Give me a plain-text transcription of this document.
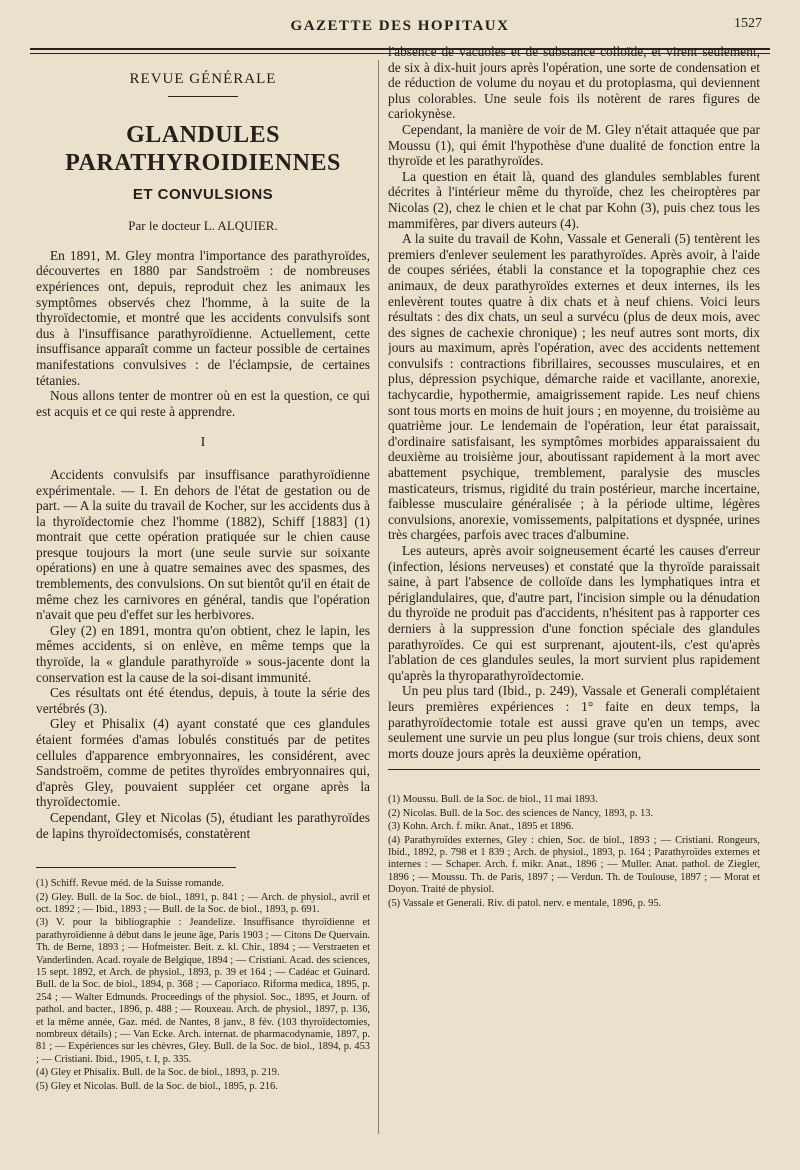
GAZETTE DES HOPITAUX	1527
REVUE GÉNÉRALE
GLANDULES PARATHYROIDIENNES
ET CONVULSIONS
Par le docteur L. ALQUIER.

En 1891, M. Gley montra l'importance des parathyroïdes, découvertes en 1880 par Sandstroëm : de nombreuses expériences ont, depuis, reproduit chez les animaux les symptômes observés chez l'homme, à la suite de la thyroïdectomie, et montré que les accidents convulsifs sont dus à l'insuffisance parathyroïdienne. Actuellement, cette insuffisance apparaît comme un facteur possible de certaines manifestations convulsives : de l'éclampsie, de certaines tétanies.

Nous allons tenter de montrer où en est la question, ce qui est acquis et ce qui reste à apprendre.

I

Accidents convulsifs par insuffisance parathyroïdienne expérimentale. — I. En dehors de l'état de gestation ou de part. — A la suite du travail de Kocher, sur les accidents dus à la thyroïdectomie chez l'homme (1882), Schiff [1883] (1) montrait que cette opération pratiquée sur le chien cause presque toujours la mort (une seule survie sur soixante opérations) en une à quatre semaines avec des spasmes, des tremblements, des convulsions. On sut bientôt qu'il en était de même chez les carnivores en général, tandis que l'opération n'avait que peu d'effet sur les herbivores.

Gley (2) en 1891, montra qu'on obtient, chez le lapin, les mêmes accidents, si on enlève, en même temps que la thyroïde, la « glandule parathyroïde » sous-jacente dont la conservation est la cause de la soi-disant immunité.

Ces résultats ont été étendus, depuis, à toute la série des vertébrés (3).

Gley et Phisalix (4) ayant constaté que ces glandules étaient formées d'amas lobulés constitués par de petites cellules d'apparence embryonnaires, les considérent, avec Sandstroëm, comme de petites thyroïdes embryonnaires qui, d'après Gley, pouvaient suppléer cet organe après la thyroïdectomie.

Cependant, Gley et Nicolas (5), étudiant les parathyroïdes de lapins thyroïdectomisés, constatèrent

(1) Schiff. Revue méd. de la Suisse romande.
(2) Gley. Bull. de la Soc. de biol., 1891, p. 841 ; — Arch. de physiol., avril et oct. 1892 ; — Ibid., 1893 ; — Bull. de la Soc. de biol., 1893, p. 691.
(3) V. pour la bibliographie : Jeandelize. Insuffisance thyroïdienne et parathyroïdienne à début dans le jeune âge, Paris 1903 ; — Citons De Quervain. Th. de Berne, 1893 ; — Hofmeister. Beit. z. kl. Chir., 1894 ; — Verstraeten et Vanderlinden. Acad. royale de Belgique, 1894 ; — Cristiani. Acad. des sciences, 15 sept. 1892, et Arch. de physiol., 1893, p. 39 et 164 ; — Cadéac et Guinard. Bull. de la Soc. de biol., 1894, p. 368 ; — Caporiaco. Riforma medica, 1895, p. 254 ; — Walter Edmunds. Proceedings of the physiol. Soc., 1895, et Journ. of pathol. and bacter., 1896, p. 488 ; — Rouxeau. Arch. de physiol., 1897, p. 136, et la même année, Gaz. méd. de Nantes, 8 janv., 8 fév. (103 thyroïdectomies, nombreux détails) ; — Van Ecke. Arch. internat. de pharmacodynamie, 1897, p. 81 ; — Expériences sur les chèvres, Gley. Bull. de la Soc. de biol., 1894, p. 453 ; — Cristiani. Ibid., 1905, t. I, p. 335.
(4) Gley et Phisalix. Bull. de la Soc. de biol., 1893, p. 219.
(5) Gley et Nicolas. Bull. de la Soc. de biol., 1895, p. 216.

l'absence de vacuoles et de substance colloïde, et virent seulement, de six à dix-huit jours après l'opération, une sorte de condensation et de réduction de volume du noyau et du protoplasma, qui deviennent plus colorables. Une seule fois ils notèrent de rares figures de cariokynèse.

Cependant, la manière de voir de M. Gley n'était attaquée que par Moussu (1), qui émit l'hypothèse d'une dualité de fonction entre la thyroïde et les parathyroïdes.

La question en était là, quand des glandules semblables furent décrites à l'intérieur même du thyroïde, chez les cheiroptères par Nicolas (2), chez le chien et le chat par Kohn (3), puis chez tous les mammifères, par divers auteurs (4).

A la suite du travail de Kohn, Vassale et Generali (5) tentèrent les premiers d'enlever seulement les parathyroïdes. Après avoir, à l'aide de coupes sériées, établi la constance et la topographie chez ces animaux, de deux parathyroïdes externes et deux internes, ils les enlevèrent toutes quatre à dix chats et à neuf chiens. Voici leurs résultats : des dix chats, un seul a survécu (plus de deux mois, avec des signes de cachexie chronique) ; les neuf autres sont morts, dix jours au maximum, après l'opération, avec des accidents nettement convulsifs : contractions fibrillaires, secousses musculaires, et en plus, dépression psychique, démarche raide et vacillante, anorexie, tachycardie, hypothermie, amaigrissement rapide. Les neuf chiens sont tous morts en moins de huit jours ; en moyenne, du troisième au quatrième jour. Le lendemain de l'opération, leur état paraissait, d'ordinaire satisfaisant, les symptômes morbides apparaissaient du deuxième au troisième jour, aboutissant rapidement à la mort avec abattement psychique, tremblement, paralysie des muscles masticateurs, trismus, rigidité du train postérieur, marche incertaine, faiblesse musculaire généralisée ; à la période ultime, légères convulsions, anorexie, vomissements, palpitations et dyspnée, urines très chargées, parfois avec traces d'albumine.

Les auteurs, après avoir soigneusement écarté les causes d'erreur (infection, lésions nerveuses) et constaté que la thyroïde paraissait saine, à part l'absence de colloïde dans les lymphatiques intra et périglandulaires, que, d'autre part, l'incision simple ou la dénudation du thyroïde ne produit pas d'accidents, n'hésitent pas à rapporter ces derniers à la suppression d'une fonction spéciale des glandules parathyroïdes. Ce qui est surprenant, ajoutent-ils, c'est qu'après l'ablation de ces glandules seules, la mort survient plus rapidement qu'après la thyroparathyroïdectomie.

Un peu plus tard (Ibid., p. 249), Vassale et Generali complétaient leurs premières expériences : 1° faite en deux temps, la parathyroïdectomie totale est aussi grave qu'en un temps, avec seulement une survie un peu plus longue (sur trois chiens, deux sont morts douze jours après la deuxième opération,

(1) Moussu. Bull. de la Soc. de biol., 11 mai 1893.
(2) Nicolas. Bull. de la Soc. des sciences de Nancy, 1893, p. 13.
(3) Kohn. Arch. f. mikr. Anat., 1895 et 1896.
(4) Parathyroïdes externes, Gley : chien, Soc. de biol., 1893 ; — Cristiani. Rongeurs, Ibid., 1892, p. 798 et 1 839 ; Arch. de physiol., 1893, p. 164 ; Parathyroïdes externes et internes : — Schaper. Arch. f. mikr. Anat., 1896 ; — Muller. Anat. pathol. de Ziegler, 1896 ; — Moussu. Th. de Paris, 1897 ; — Verdun. Th. de Toulouse, 1897 ; — Morat et Doyon. Traité de physiol.
(5) Vassale et Generali. Riv. di patol. nerv. e mentale, 1896, p. 95.
